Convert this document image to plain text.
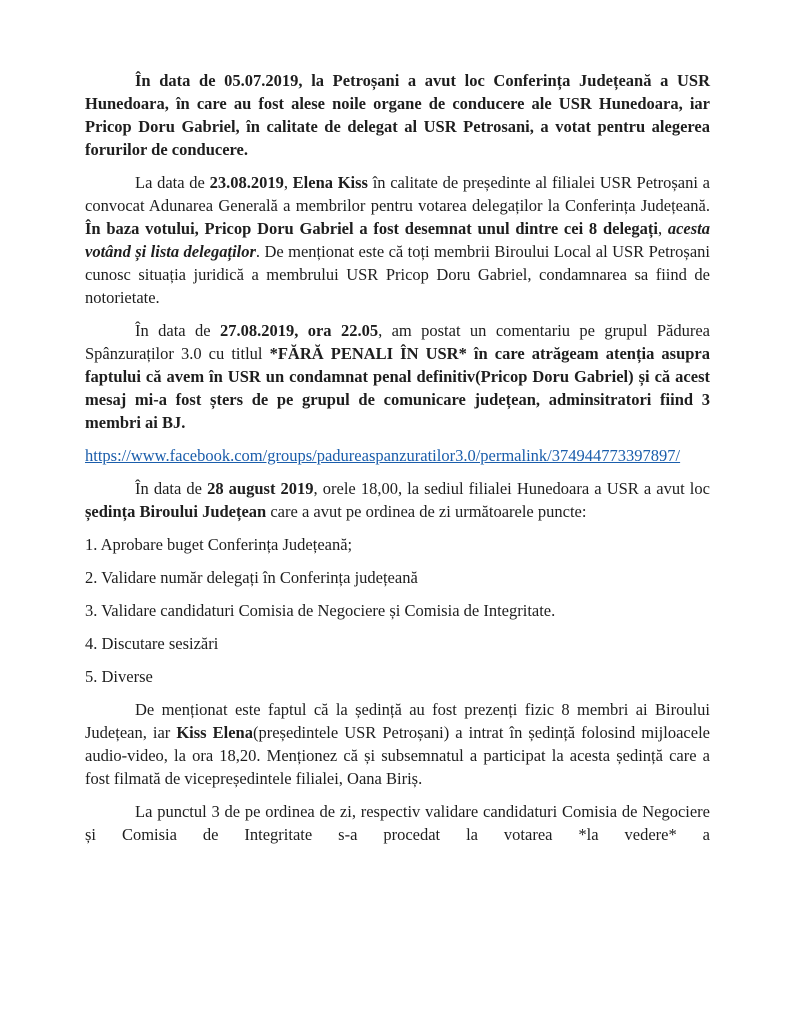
În data de 05.07.2019, la Petroșani a avut loc Conferința Județeană a USR Hunedoara, în care au fost alese noile organe de conducere ale USR Hunedoara, iar Pricop Doru Gabriel, în calitate de delegat al USR Petrosani, a votat pentru alegerea forurilor de conducere.

La data de 23.08.2019, Elena Kiss în calitate de președinte al filialei USR Petroșani a convocat Adunarea Generală a membrilor pentru votarea delegaților la Conferința Județeană. În baza votului, Pricop Doru Gabriel a fost desemnat unul dintre cei 8 delegați, acesta votând și lista delegaților. De menționat este că toți membrii Biroului Local al USR Petroșani cunosc situația juridică a membrului USR Pricop Doru Gabriel, condamnarea sa fiind de notorietate.

În data de 27.08.2019, ora 22.05, am postat un comentariu pe grupul Pădurea Spânzuraților 3.0 cu titlul *FĂRĂ PENALI ÎN USR* în care atrăgeam atenția asupra faptului că avem în USR un condamnat penal definitiv(Pricop Doru Gabriel) și că acest mesaj mi-a fost șters de pe grupul de comunicare județean, adminsitratori fiind 3 membri ai BJ.

https://www.facebook.com/groups/padureaspanzuratilor3.0/permalink/374944773397897/

În data de 28 august 2019, orele 18,00, la sediul filialei Hunedoara a USR a avut loc ședința Biroului Județean care a avut pe ordinea de zi următoarele puncte:

1. Aprobare buget Conferința Județeană;

2. Validare număr delegați în Conferința județeană

3. Validare candidaturi Comisia de Negociere și Comisia de Integritate.

4. Discutare sesizări

5. Diverse

De menționat este faptul că la ședință au fost prezenți fizic 8 membri ai Biroului Județean, iar Kiss Elena(președintele USR Petroșani) a intrat în ședință folosind mijloacele audio-video, la ora 18,20. Menționez că și subsemnatul a participat la acesta ședință care a fost filmată de vicepreședintele filialei, Oana Biriș.

La punctul 3 de pe ordinea de zi, respectiv validare candidaturi Comisia de Negociere și Comisia de Integritate s-a procedat la votarea *la vedere* a
